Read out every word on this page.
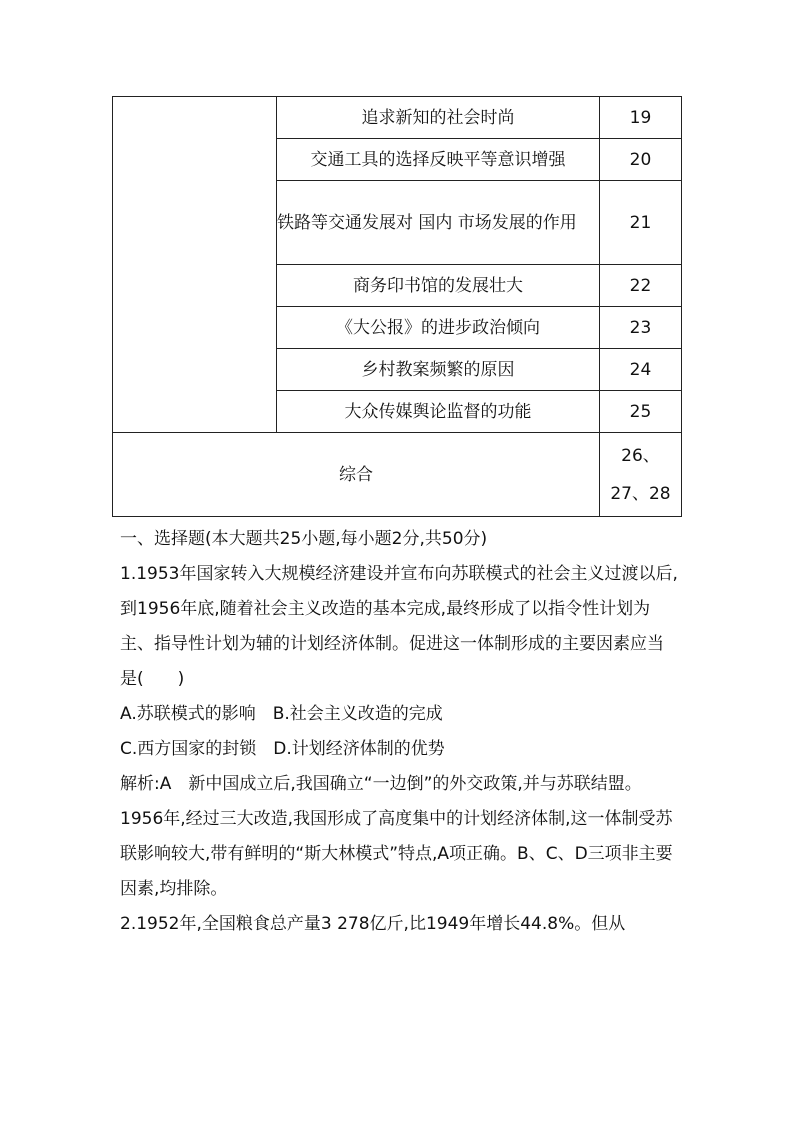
	追求新知的社会时尚	19
	交通工具的选择反映平等意识增强	20
	铁路等交通发展对 国内 市场发展的作用	21
	商务印书馆的发展壮大	22
	《大公报》的进步政治倾向	23
	乡村教案频繁的原因	24
	大众传媒舆论监督的功能	25
综合		26、27、28

一、选择题(本大题共25小题,每小题2分,共50分)

1.1953年国家转入大规模经济建设并宣布向苏联模式的社会主义过渡以后,到1956年底,随着社会主义改造的基本完成,最终形成了以指令性计划为主、指导性计划为辅的计划经济体制。促进这一体制形成的主要因素应当是(　　)

A.苏联模式的影响　B.社会主义改造的完成

C.西方国家的封锁　D.计划经济体制的优势

解析:A　新中国成立后,我国确立“一边倒”的外交政策,并与苏联结盟。1956年,经过三大改造,我国形成了高度集中的计划经济体制,这一体制受苏联影响较大,带有鲜明的“斯大林模式”特点,A项正确。B、C、D三项非主要因素,均排除。

2.1952年,全国粮食总产量3 278亿斤,比1949年增长44.8%。但从
